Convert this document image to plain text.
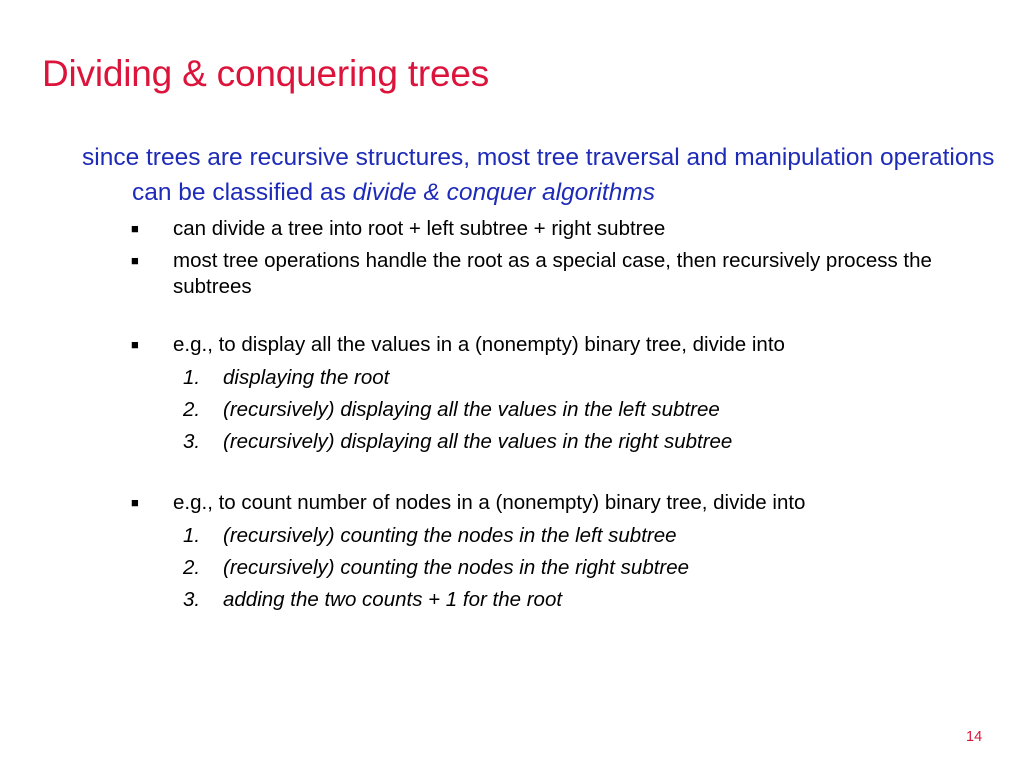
Dividing & conquering trees

since trees are recursive structures, most tree traversal and manipulation operations can be classified as divide & conquer algorithms

■ can divide a tree into root + left subtree + right subtree
■ most tree operations handle the root as a special case, then recursively process the subtrees
■ e.g., to display all the values in a (nonempty) binary tree, divide into
1. displaying the root
2. (recursively) displaying all the values in the left subtree
3. (recursively) displaying all the values in the right subtree
■ e.g., to count number of nodes in a (nonempty) binary tree, divide into
1. (recursively) counting the nodes in the left subtree
2. (recursively) counting the nodes in the right subtree
3. adding the two counts + 1 for the root
14
